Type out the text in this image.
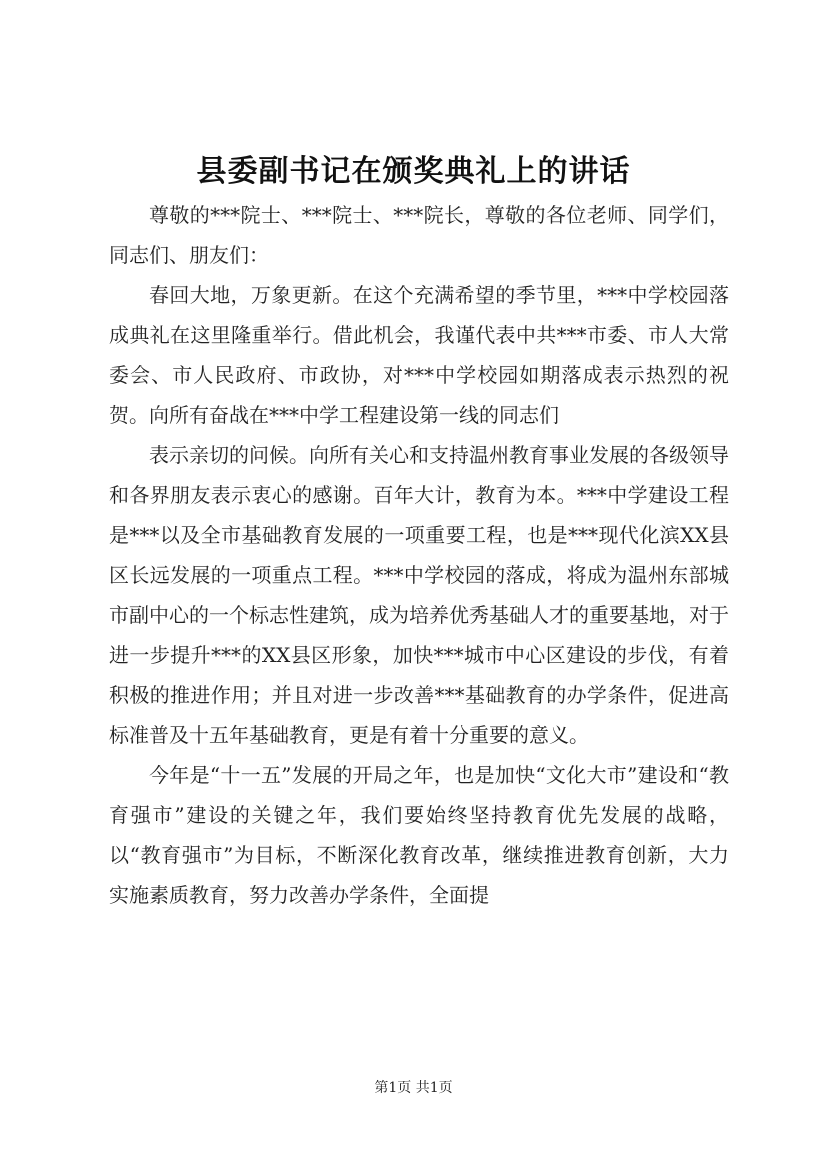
县委副书记在颁奖典礼上的讲话

尊敬的***院士、***院士、***院长，尊敬的各位老师、同学们，同志们、朋友们：

春回大地，万象更新。在这个充满希望的季节里，***中学校园落成典礼在这里隆重举行。借此机会，我谨代表中共***市委、市人大常委会、市人民政府、市政协，对***中学校园如期落成表示热烈的祝贺。向所有奋战在***中学工程建设第一线的同志们

表示亲切的问候。向所有关心和支持温州教育事业发展的各级领导和各界朋友表示衷心的感谢。百年大计，教育为本。***中学建设工程是***以及全市基础教育发展的一项重要工程，也是***现代化滨XX县区长远发展的一项重点工程。***中学校园的落成，将成为温州东部城市副中心的一个标志性建筑，成为培养优秀基础人才的重要基地，对于进一步提升***的XX县区形象，加快***城市中心区建设的步伐，有着积极的推进作用；并且对进一步改善***基础教育的办学条件，促进高标准普及十五年基础教育，更是有着十分重要的意义。

今年是“十一五”发展的开局之年，也是加快“文化大市”建设和“教育强市”建设的关键之年，我们要始终坚持教育优先发展的战略，以“教育强市”为目标，不断深化教育改革，继续推进教育创新，大力实施素质教育，努力改善办学条件，全面提

第1页 共1页
